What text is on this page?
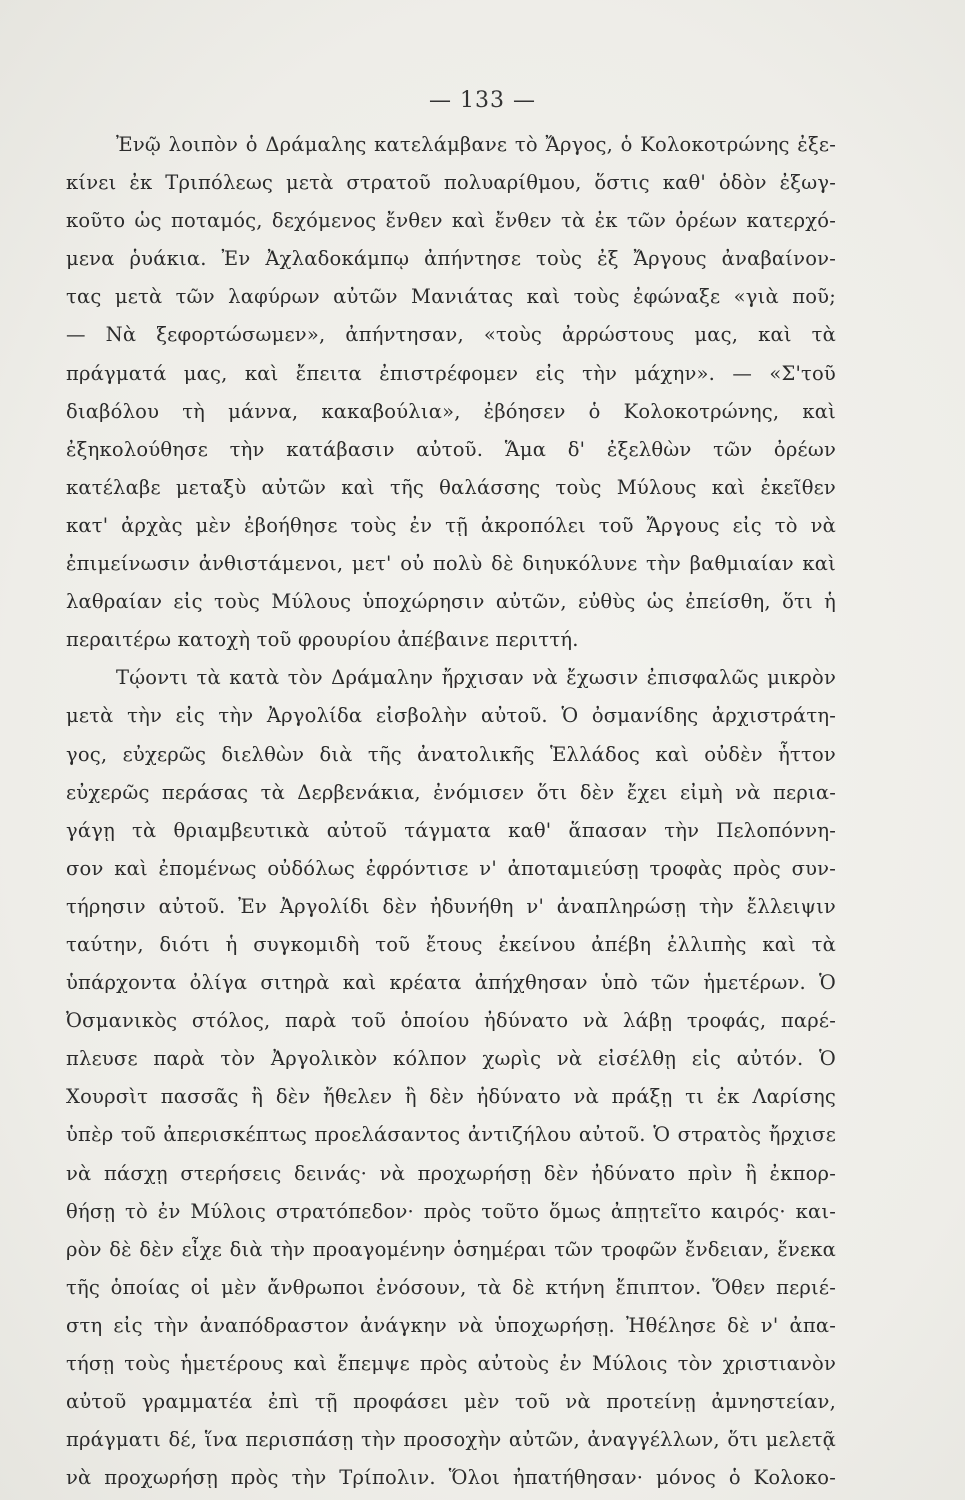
— 133 —
Ἐνῷ λοιπὸν ὁ Δράμαλης κατελάμβανε τὸ Ἄργος, ὁ Κολοκοτρώνης ἐξε-
κίνει ἐκ Τριπόλεως μετὰ στρατοῦ πολυαρίθμου, ὅστις καθ' ὁδὸν ἐξωγ-
κοῦτο ὡς ποταμός, δεχόμενος ἔνθεν καὶ ἔνθεν τὰ ἐκ τῶν ὀρέων κατερχό-
μενα ῥυάκια. Ἐν Ἀχλαδοκάμπῳ ἀπήντησε τοὺς ἐξ Ἄργους ἀναβαίνον-
τας μετὰ τῶν λαφύρων αὐτῶν Μανιάτας καὶ τοὺς ἐφώναξε «γιὰ ποῦ;
— Νὰ ξεφορτώσωμεν», ἀπήντησαν, «τοὺς ἀρρώστους μας, καὶ τὰ
πράγματά μας, καὶ ἔπειτα ἐπιστρέφομεν εἰς τὴν μάχην». — «Σ'τοῦ
διαβόλου τὴ μάννα, κακαβούλια», ἐβόησεν ὁ Κολοκοτρώνης, καὶ
ἐξηκολούθησε τὴν κατάβασιν αὐτοῦ. Ἅμα δ' ἐξελθὼν τῶν ὀρέων
κατέλαβε μεταξὺ αὐτῶν καὶ τῆς θαλάσσης τοὺς Μύλους καὶ ἐκεῖθεν
κατ' ἀρχὰς μὲν ἐβοήθησε τοὺς ἐν τῇ ἀκροπόλει τοῦ Ἄργους εἰς τὸ νὰ
ἐπιμείνωσιν ἀνθιστάμενοι, μετ' οὐ πολὺ δὲ διηυκόλυνε τὴν βαθμιαίαν καὶ
λαθραίαν εἰς τοὺς Μύλους ὑποχώρησιν αὐτῶν, εὐθὺς ὡς ἐπείσθη, ὅτι ἡ
περαιτέρω κατοχὴ τοῦ φρουρίου ἀπέβαινε περιττή.
Τῴοντι τὰ κατὰ τὸν Δράμαλην ἤρχισαν νὰ ἔχωσιν ἐπισφαλῶς μικρὸν
μετὰ τὴν εἰς τὴν Ἀργολίδα εἰσβολὴν αὐτοῦ. Ὁ ὀσμανίδης ἀρχιστράτη-
γος, εὐχερῶς διελθὼν διὰ τῆς ἀνατολικῆς Ἑλλάδος καὶ οὐδὲν ἧττον
εὐχερῶς περάσας τὰ Δερβενάκια, ἐνόμισεν ὅτι δὲν ἔχει εἰμὴ νὰ περια-
γάγῃ τὰ θριαμβευτικὰ αὐτοῦ τάγματα καθ' ἅπασαν τὴν Πελοπόννη-
σον καὶ ἐπομένως οὐδόλως ἐφρόντισε ν' ἀποταμιεύσῃ τροφὰς πρὸς συν-
τήρησιν αὐτοῦ. Ἐν Ἀργολίδι δὲν ἠδυνήθη ν' ἀναπληρώσῃ τὴν ἔλλειψιν
ταύτην, διότι ἡ συγκομιδὴ τοῦ ἔτους ἐκείνου ἀπέβη ἐλλιπὴς καὶ τὰ
ὑπάρχοντα ὀλίγα σιτηρὰ καὶ κρέατα ἀπήχθησαν ὑπὸ τῶν ἡμετέρων. Ὁ
Ὀσμανικὸς στόλος, παρὰ τοῦ ὁποίου ἠδύνατο νὰ λάβῃ τροφάς, παρέ-
πλευσε παρὰ τὸν Ἀργολικὸν κόλπον χωρὶς νὰ εἰσέλθῃ εἰς αὐτόν. Ὁ
Χουρσὶτ πασσᾶς ἢ δὲν ἤθελεν ἢ δὲν ἠδύνατο νὰ πράξῃ τι ἐκ Λαρίσης
ὑπὲρ τοῦ ἀπερισκέπτως προελάσαντος ἀντιζήλου αὐτοῦ. Ὁ στρατὸς ἤρχισε
νὰ πάσχῃ στερήσεις δεινάς· νὰ προχωρήσῃ δὲν ἠδύνατο πρὶν ἢ ἐκπορ-
θήσῃ τὸ ἐν Μύλοις στρατόπεδον· πρὸς τοῦτο ὅμως ἀπῃτεῖτο καιρός· και-
ρὸν δὲ δὲν εἶχε διὰ τὴν προαγομένην ὁσημέραι τῶν τροφῶν ἔνδειαν, ἕνεκα
τῆς ὁποίας οἱ μὲν ἄνθρωποι ἐνόσουν, τὰ δὲ κτήνη ἔπιπτον. Ὅθεν περιέ-
στη εἰς τὴν ἀναπόδραστον ἀνάγκην νὰ ὑποχωρήσῃ. Ἠθέλησε δὲ ν' ἀπα-
τήσῃ τοὺς ἡμετέρους καὶ ἔπεμψε πρὸς αὐτοὺς ἐν Μύλοις τὸν χριστιανὸν
αὐτοῦ γραμματέα ἐπὶ τῇ προφάσει μὲν τοῦ νὰ προτείνῃ ἀμνηστείαν,
πράγματι δέ, ἵνα περισπάσῃ τὴν προσοχὴν αὐτῶν, ἀναγγέλλων, ὅτι μελετᾷ
νὰ προχωρήσῃ πρὸς τὴν Τρίπολιν. Ὅλοι ἠπατήθησαν· μόνος ὁ Κολοκο-
